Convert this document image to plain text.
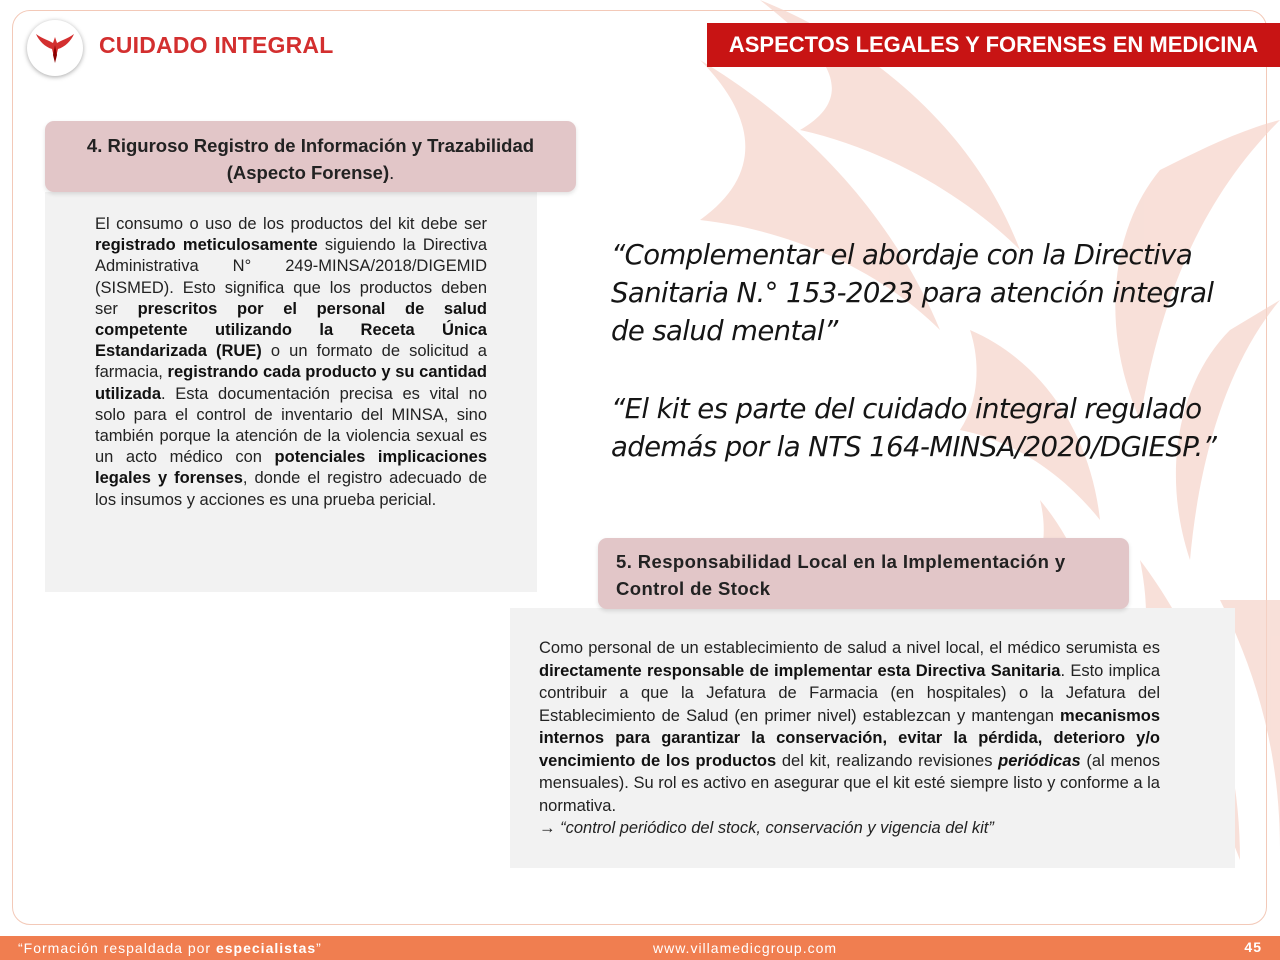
CUIDADO INTEGRAL	ASPECTOS LEGALES Y FORENSES EN MEDICINA
4. Riguroso Registro de Información y Trazabilidad (Aspecto Forense).
El consumo o uso de los productos del kit debe ser registrado meticulosamente siguiendo la Directiva Administrativa N° 249-MINSA/2018/DIGEMID (SISMED). Esto significa que los productos deben ser prescritos por el personal de salud competente utilizando la Receta Única Estandarizada (RUE) o un formato de solicitud a farmacia, registrando cada producto y su cantidad utilizada. Esta documentación precisa es vital no solo para el control de inventario del MINSA, sino también porque la atención de la violencia sexual es un acto médico con potenciales implicaciones legales y forenses, donde el registro adecuado de los insumos y acciones es una prueba pericial.
“Complementar el abordaje con la Directiva Sanitaria N.° 153-2023 para atención integral de salud mental”
“El kit es parte del cuidado integral regulado además por la NTS 164-MINSA/2020/DGIESP.”
5. Responsabilidad Local en la Implementación y Control de Stock
Como personal de un establecimiento de salud a nivel local, el médico serumista es directamente responsable de implementar esta Directiva Sanitaria. Esto implica contribuir a que la Jefatura de Farmacia (en hospitales) o la Jefatura del Establecimiento de Salud (en primer nivel) establezcan y mantengan mecanismos internos para garantizar la conservación, evitar la pérdida, deterioro y/o vencimiento de los productos del kit, realizando revisiones periódicas (al menos mensuales). Su rol es activo en asegurar que el kit esté siempre listo y conforme a la normativa.
→ “control periódico del stock, conservación y vigencia del kit”
“Formación respaldada por especialistas”	www.villamedicgroup.com	45
